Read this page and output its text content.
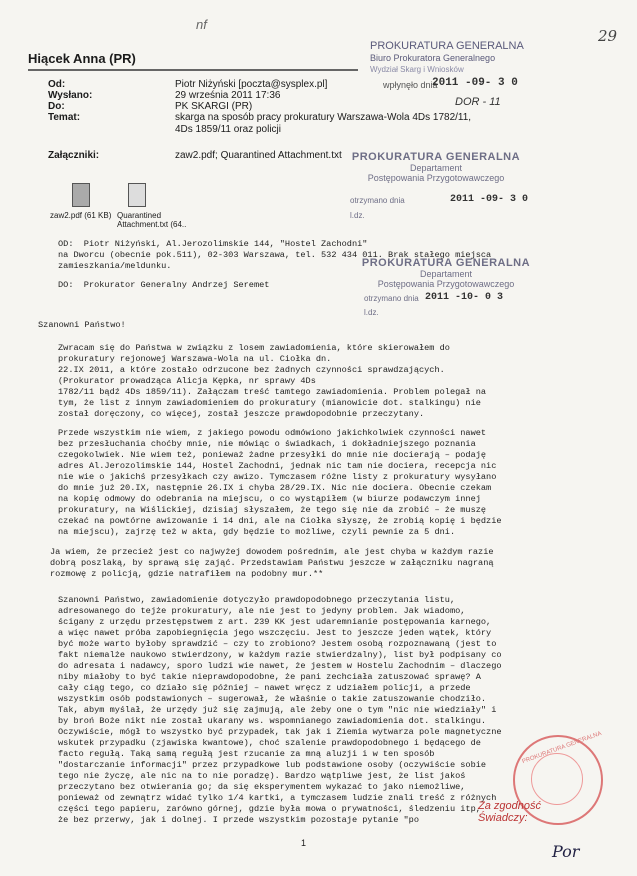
nf
29
Hiącek Anna (PR)
PROKURATURA GENERALNA
Biuro Prokuratora Generalnego
Wydział Skarg i Wniosków
wpłynęło dnia
2011 -09- 3 0
DOR - 11
Od:	Piotr Niżyński [poczta@sysplex.pl]
Wysłano:	29 września 2011 17:36
Do:	PK SKARGI (PR)
Temat:	skarga na sposób pracy prokuratury Warszawa-Wola 4Ds 1782/11, 4Ds 1859/11 oraz policji
Załączniki:	zaw2.pdf; Quarantined Attachment.txt
zaw2.pdf (61 KB) Quarantined Attachment.txt (64..
PROKURATURA GENERALNA
Departament
Postępowania Przygotowawczego
otrzymano dnia	2011 -09- 3 0
l.dz.
OD:  Piotr Niżyński, Al.Jerozolimskie 144, "Hostel Zachodni"
na Dworcu (obecnie pok.511), 02-303 Warszawa, tel. 532 434 011. Brak stałego miejsca
zamieszkania/meldunku.	PROKURATURA GENERALNA
Departament
Postępowania Przygotowawczego
otrzymano dnia 2011 -10- 0 3
l.dz.
DO:  Prokurator Generalny Andrzej Seremet
Szanowni Państwo!
Zwracam się do Państwa w związku z losem zawiadomienia, które skierowałem do
prokuratury rejonowej Warszawa-Wola na ul. Ciołka dn.
22.IX 2011, a które zostało odrzucone bez żadnych czynności sprawdzających.
(Prokurator prowadząca Alicja Kępka, nr sprawy 4Ds
1782/11 bądź 4Ds 1859/11). Załączam treść tamtego zawiadomienia. Problem polegał na
tym, że list z innym zawiadomieniem do prokuratury (mianowicie dot. stalkingu) nie
został doręczony, co więcej, został jeszcze prawdopodobnie przeczytany.
Przede wszystkim nie wiem, z jakiego powodu odmówiono jakichkolwiek czynności nawet
bez przesłuchania choćby mnie, nie mówiąc o świadkach, i dokładniejszego poznania
czegokolwiek. Nie wiem też, ponieważ żadne przesyłki do mnie nie docierają – podaję
adres Al.Jerozolimskie 144, Hostel Zachodni, jednak nic tam nie dociera, recepcja nic
nie wie o jakichś przesyłkach czy awizo. Tymczasem różne listy z prokuratury wysyłano
do mnie już 20.IX, następnie 26.IX i chyba 28/29.IX. Nic nie dociera. Obecnie czekam
na kopię odmowy do odebrania na miejscu, o co wystąpiłem (w biurze podawczym innej
prokuratury, na Wiślickiej, dzisiaj słyszałem, że tego się nie da zrobić – że muszę
czekać na powtórne awizowanie i 14 dni, ale na Ciołka słyszę, że zrobią kopię i będzie
na miejscu), zajrzę też w akta, gdy będzie to możliwe, czyli pewnie za 5 dni.
Ja wiem, że przecież jest co najwyżej dowodem pośrednim, ale jest chyba w każdym razie
dobrą poszlaką, by sprawą się zająć. Przedstawiam Państwu jeszcze w załączniku nagraną
rozmowę z policją, gdzie natrafiłem na podobny mur.**
Szanowni Państwo, zawiadomienie dotyczyło prawdopodobnego przeczytania listu,
adresowanego do tejże prokuratury, ale nie jest to jedyny problem. Jak wiadomo,
ścigany z urzędu przestępstwem z art. 239 KK jest udaremnianie postępowania karnego,
a więc nawet próba zapobiegnięcia jego wszczęciu. Jest to jeszcze jeden wątek, który
być może warto byłoby sprawdzić – czy to zrobiono? Jestem osobą rozpoznawaną (jest to
fakt niemalże naukowo stwierdzony, w każdym razie stwierdzalny), list był podpisany co
do adresata i nadawcy, sporo ludzi wie nawet, że jestem w Hostelu Zachodnim – dlaczego
niby miałoby to być takie nieprawdopodobne, że pani zechciała zatuszować sprawę? A
cały ciąg tego, co działo się później – nawet wręcz z udziałem policji, a przede
wszystkim osób podstawionych – sugerował, że właśnie o takie zatuszowanie chodziło.
Tak, abym myślał, że urzędy już się zajmują, ale żeby one o tym "nic nie wiedziały" i
by broń Boże nikt nie został ukarany ws. wspomnianego zawiadomienia dot. stalkingu.
Oczywiście, mógł to wszystko być przypadek, tak jak i Ziemia wytwarza pole magnetyczne
wskutek przypadku (zjawiska kwantowe), choć szalenie prawdopodobnego i będącego de
facto regułą. Taką samą regułą jest rzucanie za mną aluzji i w ten sposób
"dostarczanie informacji" przez przypadkowe lub podstawione osoby (oczywiście sobie
tego nie życzę, ale nic na to nie poradzę). Bardzo wątpliwe jest, że list jakoś
przeczytano bez otwierania go; da się eksperymentem wykazać to jako niemożliwe,
ponieważ od zewnątrz widać tylko 1/4 kartki, a tymczasem ludzie znali treść z różnych
części tego papieru, zarówno górnej, gdzie była mowa o prywatności, śledzeniu itp,
że bez przerwy, jak i dolnej. I przede wszystkim pozostaje pytanie "po
PROKURATURA GENERALNA
Za zgodność
Świadczy:
Por
1
